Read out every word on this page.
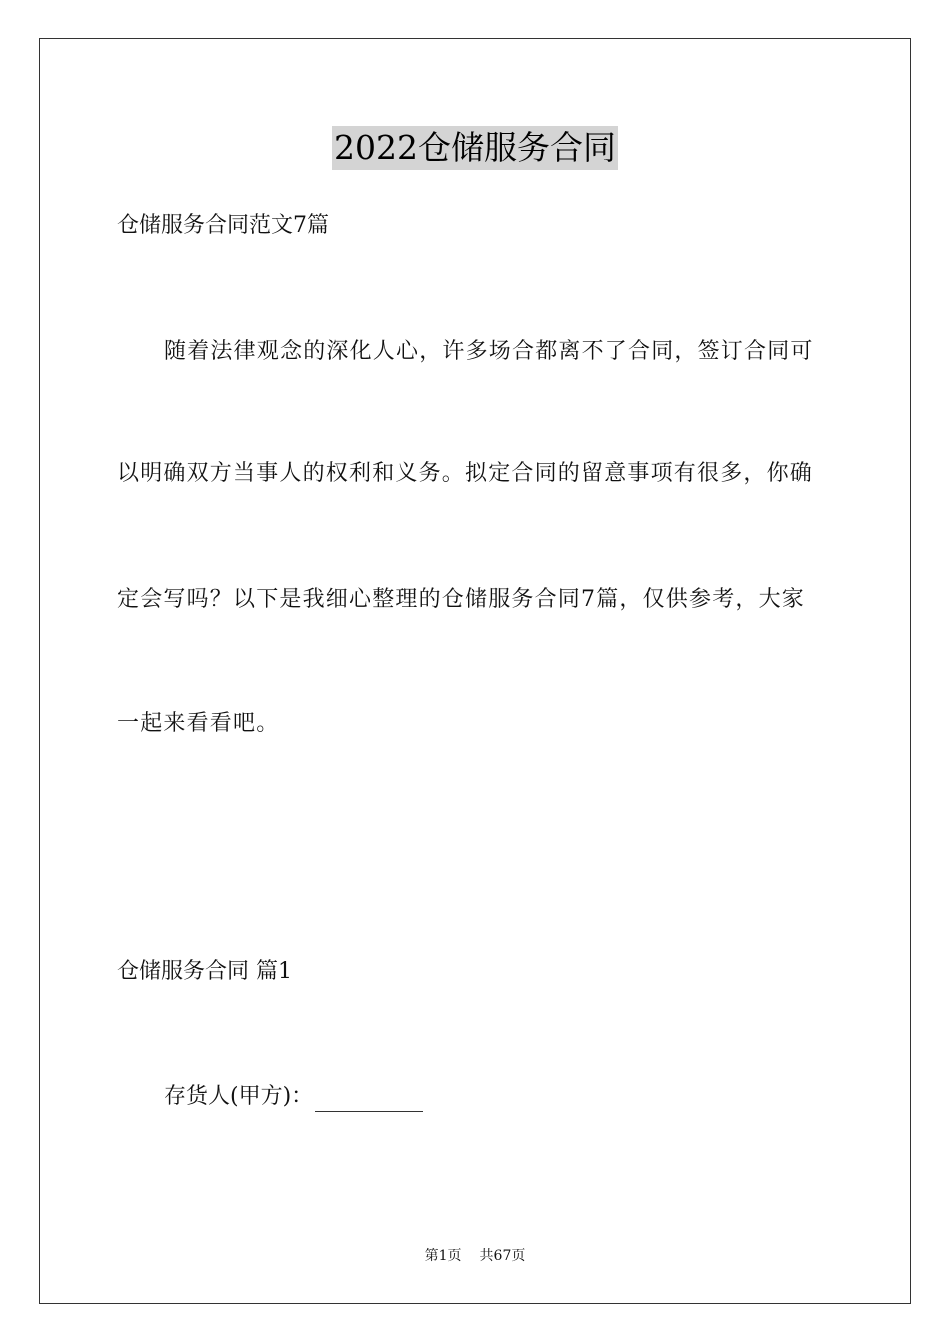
2022仓储服务合同
仓储服务合同范文7篇
随着法律观念的深化人心，许多场合都离不了合同，签订合同可
以明确双方当事人的权利和义务。拟定合同的留意事项有很多，你确
定会写吗？以下是我细心整理的仓储服务合同7篇，仅供参考，大家
一起来看看吧。
仓储服务合同 篇1
存货人(甲方)：
第1页 共67页
